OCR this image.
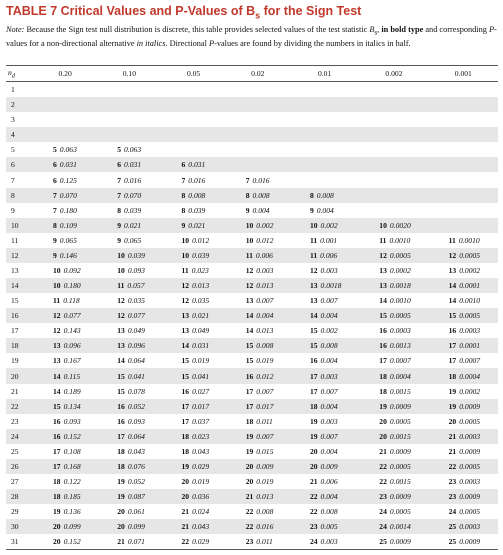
TABLE 7 Critical Values and P-Values of $B_s$ for the Sign Test

Note: Because the Sign test null distribution is discrete, this table provides selected values of the test statistic $B_s$, in bold type and corresponding P-values for a non-directional alternative in italics. Directional P-values are found by dividing the numbers in italics in half.

$n_d$	0.20	0.10	0.05	0.02	0.01	0.002	0.001
1							
2							
3							
4							
5	5 0.063	5 0.063					
6	6 0.031	6 0.031	6 0.031				
7	6 0.125	7 0.016	7 0.016	7 0.016			
8	7 0.070	7 0.070	8 0.008	8 0.008	8 0.008		
9	7 0.180	8 0.039	8 0.039	9 0.004	9 0.004		
10	8 0.109	9 0.021	9 0.021	10 0.002	10 0.002	10 0.0020	
11	9 0.065	9 0.065	10 0.012	10 0.012	11 0.001	11 0.0010	11 0.0010
12	9 0.146	10 0.039	10 0.039	11 0.006	11 0.006	12 0.0005	12 0.0005
13	10 0.092	10 0.093	11 0.023	12 0.003	12 0.003	13 0.0002	13 0.0002
14	10 0.180	11 0.057	12 0.013	12 0.013	13 0.0018	13 0.0018	14 0.0001
15	11 0.118	12 0.035	12 0.035	13 0.007	13 0.007	14 0.0010	14 0.0010
16	12 0.077	12 0.077	13 0.021	14 0.004	14 0.004	15 0.0005	15 0.0005
17	12 0.143	13 0.049	13 0.049	14 0.013	15 0.002	16 0.0003	16 0.0003
18	13 0.096	13 0.096	14 0.031	15 0.008	15 0.008	16 0.0013	17 0.0001
19	13 0.167	14 0.064	15 0.019	15 0.019	16 0.004	17 0.0007	17 0.0007
20	14 0.115	15 0.041	15 0.041	16 0.012	17 0.003	18 0.0004	18 0.0004
21	14 0.189	15 0.078	16 0.027	17 0.007	17 0.007	18 0.0015	19 0.0002
22	15 0.134	16 0.052	17 0.017	17 0.017	18 0.004	19 0.0009	19 0.0009
23	16 0.093	16 0.093	17 0.037	18 0.011	19 0.003	20 0.0005	20 0.0005
24	16 0.152	17 0.064	18 0.023	19 0.007	19 0.007	20 0.0015	21 0.0003
25	17 0.108	18 0.043	18 0.043	19 0.015	20 0.004	21 0.0009	21 0.0009
26	17 0.168	18 0.076	19 0.029	20 0.009	20 0.009	22 0.0005	22 0.0005
27	18 0.122	19 0.052	20 0.019	20 0.019	21 0.006	22 0.0015	23 0.0003
28	18 0.185	19 0.087	20 0.036	21 0.013	22 0.004	23 0.0009	23 0.0009
29	19 0.136	20 0.061	21 0.024	22 0.008	22 0.008	24 0.0005	24 0.0005
30	20 0.099	20 0.099	21 0.043	22 0.016	23 0.005	24 0.0014	25 0.0003
31	20 0.152	21 0.071	22 0.029	23 0.011	24 0.003	25 0.0009	25 0.0009
